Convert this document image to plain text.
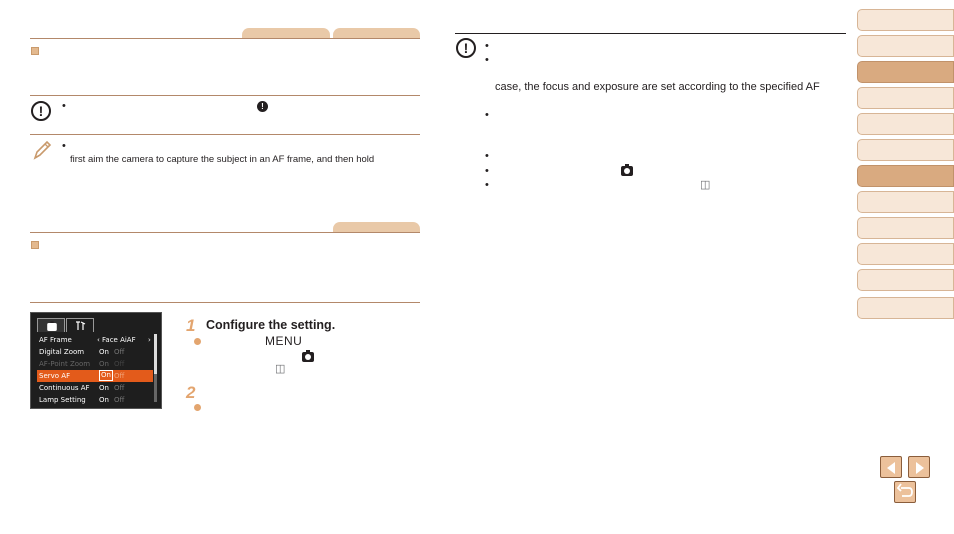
!	•	!
•
first aim the camera to capture the subject in an AF frame, and then hold
AF Frame	‹ Face AiAF ›
Digital Zoom On Off
AF-Point Zoom On Off
Servo AF	On Off
Continuous AF On Off
Lamp Setting On Off
1 Configure the setting.
MENU
◫
2
!	•
•
case, the focus and exposure are set according to the specified AF
•
•
•
•	◫
